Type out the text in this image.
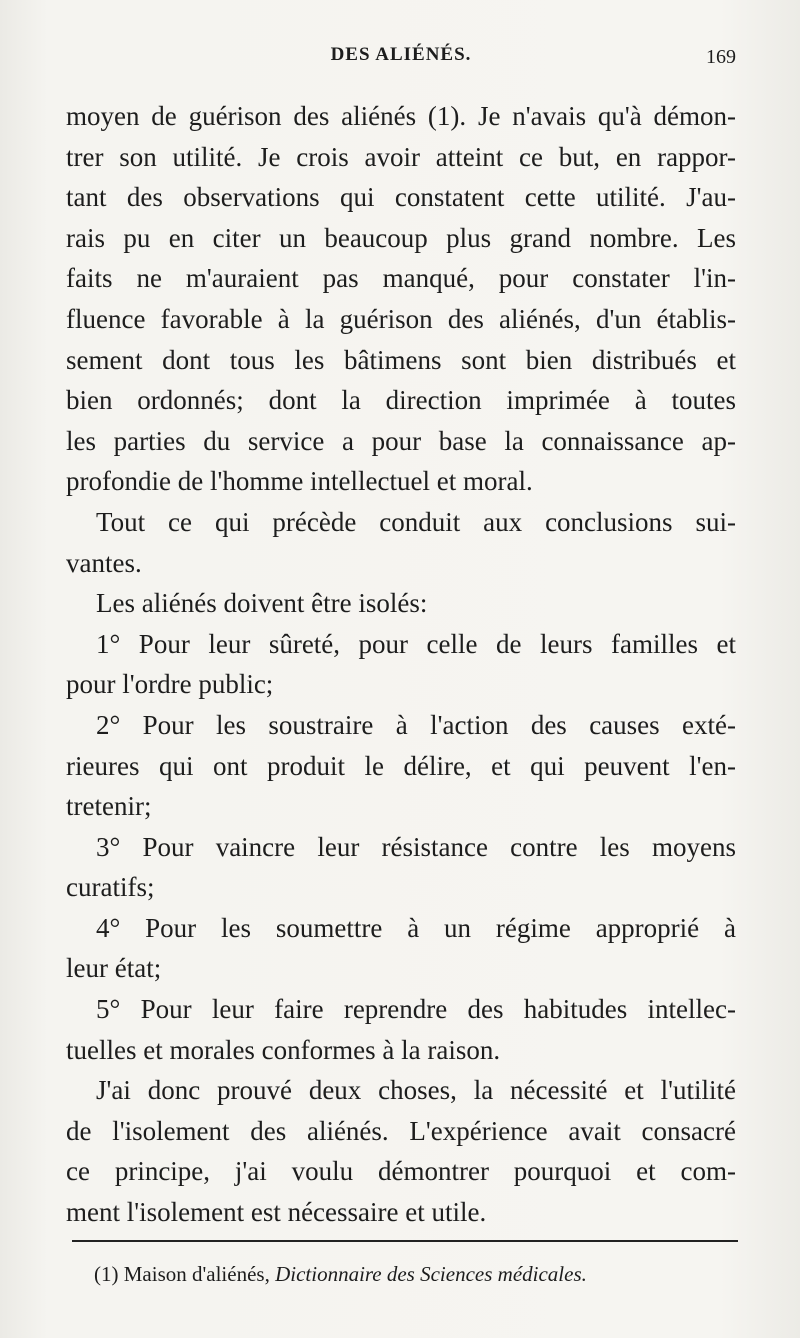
DES ALIÉNÉS.	169
moyen de guérison des aliénés (1). Je n'avais qu'à démon-
trer son utilité. Je crois avoir atteint ce but, en rappor-
tant des observations qui constatent cette utilité. J'au-
rais pu en citer un beaucoup plus grand nombre. Les
faits ne m'auraient pas manqué, pour constater l'in-
fluence favorable à la guérison des aliénés, d'un établis-
sement dont tous les bâtimens sont bien distribués et
bien ordonnés; dont la direction imprimée à toutes
les parties du service a pour base la connaissance ap-
profondie de l'homme intellectuel et moral.
Tout ce qui précède conduit aux conclusions sui-
vantes.
Les aliénés doivent être isolés:
1° Pour leur sûreté, pour celle de leurs familles et
pour l'ordre public;
2° Pour les soustraire à l'action des causes exté-
rieures qui ont produit le délire, et qui peuvent l'en-
tretenir;
3° Pour vaincre leur résistance contre les moyens
curatifs;
4° Pour les soumettre à un régime approprié à
leur état;
5° Pour leur faire reprendre des habitudes intellec-
tuelles et morales conformes à la raison.
J'ai donc prouvé deux choses, la nécessité et l'utilité
de l'isolement des aliénés. L'expérience avait consacré
ce principe, j'ai voulu démontrer pourquoi et com-
ment l'isolement est nécessaire et utile.
(1) Maison d'aliénés, Dictionnaire des Sciences médicales.
